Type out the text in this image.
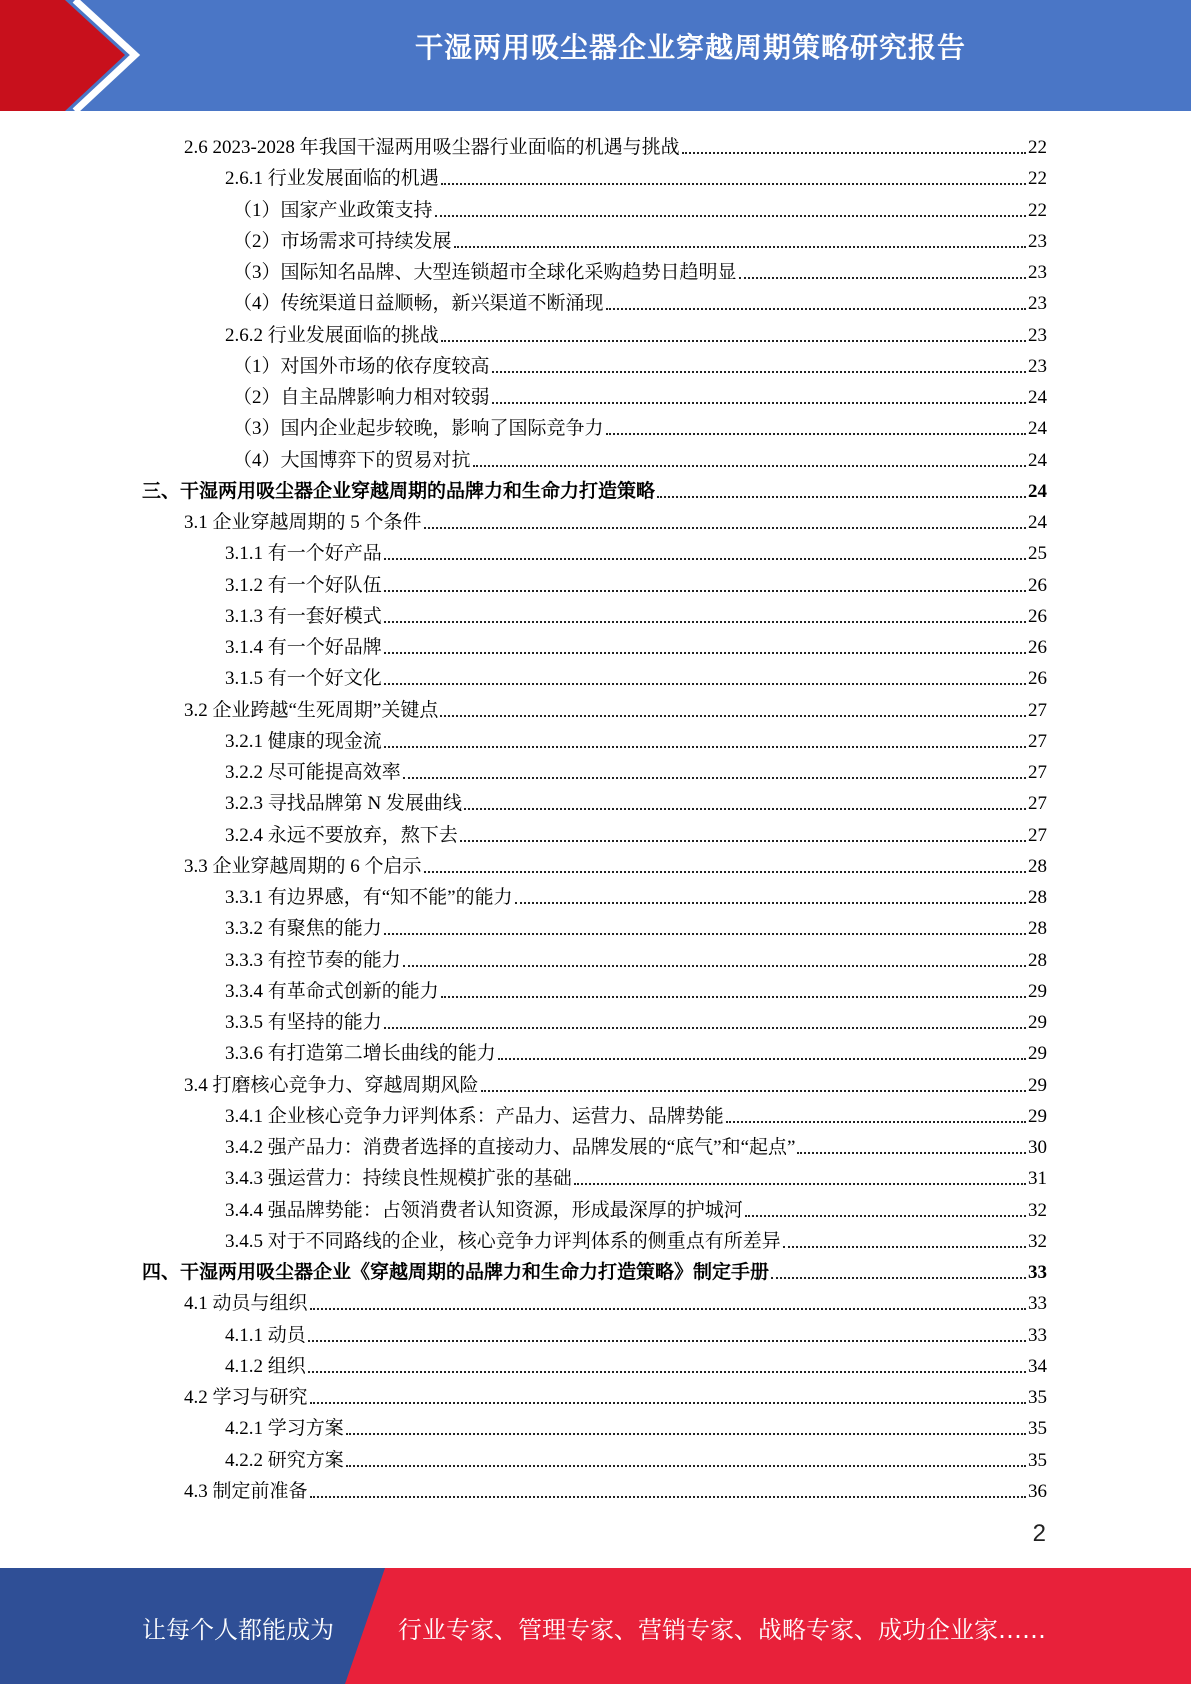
干湿两用吸尘器企业穿越周期策略研究报告
2.6 2023-2028 年我国干湿两用吸尘器行业面临的机遇与挑战	22
2.6.1 行业发展面临的机遇	22
（1）国家产业政策支持	22
（2）市场需求可持续发展	23
（3）国际知名品牌、大型连锁超市全球化采购趋势日趋明显	23
（4）传统渠道日益顺畅，新兴渠道不断涌现	23
2.6.2 行业发展面临的挑战	23
（1）对国外市场的依存度较高	23
（2）自主品牌影响力相对较弱	24
（3）国内企业起步较晚，影响了国际竞争力	24
（4）大国博弈下的贸易对抗	24
三、干湿两用吸尘器企业穿越周期的品牌力和生命力打造策略	24
3.1 企业穿越周期的 5 个条件	24
3.1.1 有一个好产品	25
3.1.2 有一个好队伍	26
3.1.3 有一套好模式	26
3.1.4 有一个好品牌	26
3.1.5 有一个好文化	26
3.2 企业跨越“生死周期”关键点	27
3.2.1 健康的现金流	27
3.2.2 尽可能提高效率	27
3.2.3 寻找品牌第 N 发展曲线	27
3.2.4 永远不要放弃，熬下去	27
3.3 企业穿越周期的 6 个启示	28
3.3.1 有边界感，有“知不能”的能力	28
3.3.2 有聚焦的能力	28
3.3.3 有控节奏的能力	28
3.3.4 有革命式创新的能力	29
3.3.5 有坚持的能力	29
3.3.6 有打造第二增长曲线的能力	29
3.4 打磨核心竞争力、穿越周期风险	29
3.4.1 企业核心竞争力评判体系：产品力、运营力、品牌势能	29
3.4.2 强产品力：消费者选择的直接动力、品牌发展的“底气”和“起点”	30
3.4.3 强运营力：持续良性规模扩张的基础	31
3.4.4 强品牌势能：占领消费者认知资源，形成最深厚的护城河	32
3.4.5 对于不同路线的企业，核心竞争力评判体系的侧重点有所差异	32
四、干湿两用吸尘器企业《穿越周期的品牌力和生命力打造策略》制定手册	33
4.1 动员与组织	33
4.1.1 动员	33
4.1.2 组织	34
4.2 学习与研究	35
4.2.1 学习方案	35
4.2.2 研究方案	35
4.3 制定前准备	36
2
让每个人都能成为	行业专家、管理专家、营销专家、战略专家、成功企业家……
